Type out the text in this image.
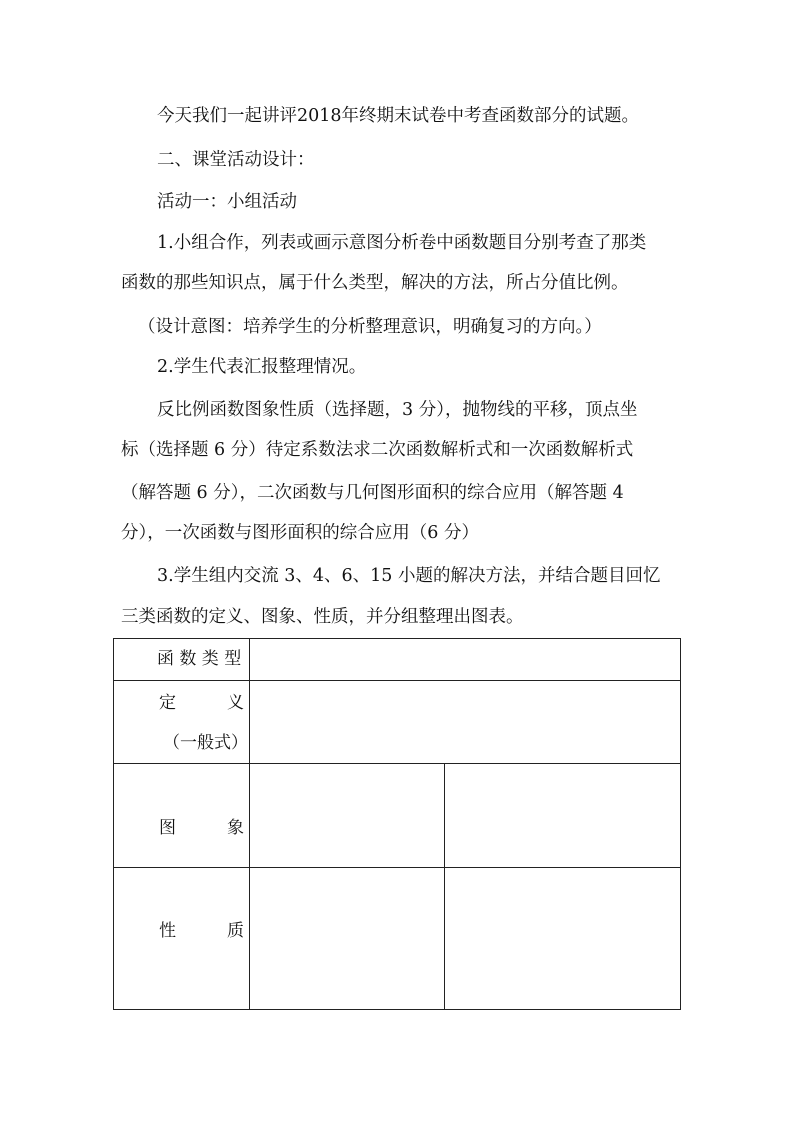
今天我们一起讲评2018年终期末试卷中考查函数部分的试题。
二、课堂活动设计：
活动一：小组活动
1.小组合作，列表或画示意图分析卷中函数题目分别考查了那类
函数的那些知识点，属于什么类型，解决的方法，所占分值比例。
（设计意图：培养学生的分析整理意识，明确复习的方向。）
2.学生代表汇报整理情况。
反比例函数图象性质（选择题，3 分），抛物线的平移，顶点坐
标（选择题 6 分）待定系数法求二次函数解析式和一次函数解析式
（解答题 6 分），二次函数与几何图形面积的综合应用（解答题 4
分），一次函数与图形面积的综合应用（6 分）
3.学生组内交流 3、4、6、15 小题的解决方法，并结合题目回忆
三类函数的定义、图象、性质，并分组整理出图表。
函 数 类 型
定	义
（一般式）
图	象
性	质
